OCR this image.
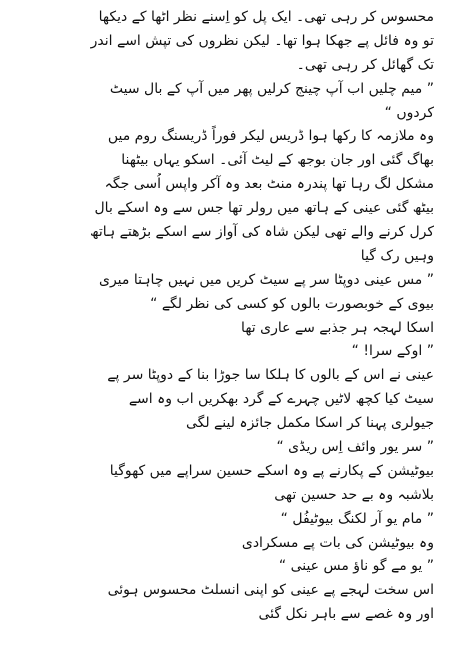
محسوس کر رہی تھی۔ ایک پل کو اِسنے نظر اٹھا کے دیکھا
تو وہ فائل پے جھکا ہوا تھا۔ لیکن نظروں کی تپش اسے اندر
تک گھائل کر رہی تھی۔
” میم چلیں اب آپ چینج کرلیں پھر میں آپ کے بال سیٹ
کردوں “
وہ ملازمہ کا رکھا ہوا ڈریس لیکر فوراً ڈریسنگ روم میں
بھاگ گئی اور جان بوجھ کے لیٹ آئی۔ اسکو یہاں بیٹھنا
مشکل لگ رہا تھا پندرہ منٹ بعد وہ آکر واپس اُسی جگہ
بیٹھ گئی عینی کے ہاتھ میں رولر تھا جس سے وہ اسکے بال
کرل کرنے والے تھی لیکن شاہ کی آواز سے اسکے بڑھتے ہاتھ
وہیں رک گیا
” مس عینی دوپٹا سر پے سیٹ کریں میں نہیں چاہتا میری
بیوی کے خوبصورت بالوں کو کسی کی نظر لگے “
اسکا لہجہ ہر جذبے سے عاری تھا
” اوکے سرا! “
عینی نے اس کے بالوں کا ہلکا سا جوڑا بنا کے دوپٹا سر پے
سیٹ کیا کچھ لاٹیں چہرے کے گرد بھکریں اب وہ اسے
جیولری پہنا کر اسکا مکمل جائزہ لینے لگی
” سر یور وائف اِس ریڈی “
بیوٹیشن کے پکارنے پے وہ اسکے حسین سراپے میں کھوگیا
بلاشبہ وہ بے حد حسین تھی
” مام یو آر لکنگ بیوٹیفُل “
وہ بیوٹیشن کی بات پے مسکرادی
” یو مے گو ناؤ مس عینی “
اس سخت لہجے پے عینی کو اپنی انسلٹ محسوس ہوئی
اور وہ غصے سے باہر نکل گئی
